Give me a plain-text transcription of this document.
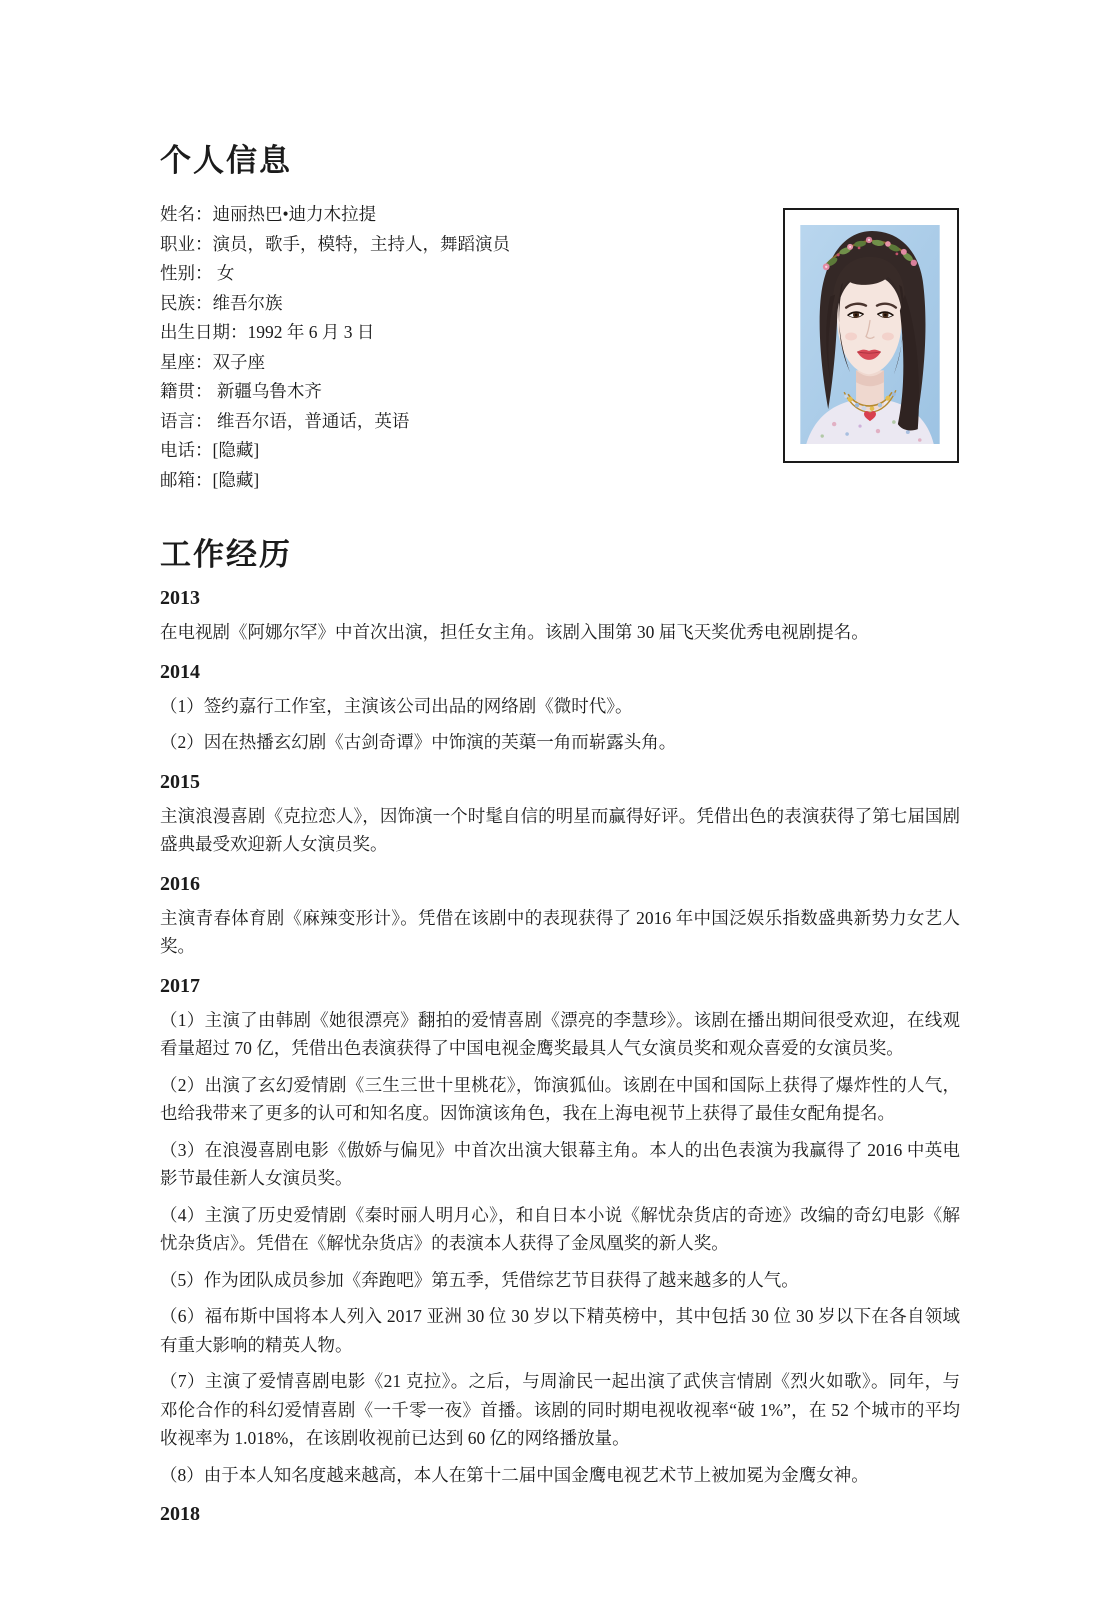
个人信息
姓名：迪丽热巴•迪力木拉提
职业：演员，歌手，模特，主持人，舞蹈演员
性别： 女
民族：维吾尔族
出生日期：1992 年 6 月 3 日
星座：双子座
籍贯： 新疆乌鲁木齐
语言： 维吾尔语，普通话，英语
电话：[隐藏]
邮箱：[隐藏]
工作经历
2013

在电视剧《阿娜尔罕》中首次出演，担任女主角。该剧入围第 30 届飞天奖优秀电视剧提名。

2014

（1）签约嘉行工作室，主演该公司出品的网络剧《微时代》。

（2）因在热播玄幻剧《古剑奇谭》中饰演的芙蕖一角而崭露头角。

2015

主演浪漫喜剧《克拉恋人》，因饰演一个时髦自信的明星而赢得好评。凭借出色的表演获得了第七届国剧盛典最受欢迎新人女演员奖。

2016

主演青春体育剧《麻辣变形计》。凭借在该剧中的表现获得了 2016 年中国泛娱乐指数盛典新势力女艺人奖。

2017

（1）主演了由韩剧《她很漂亮》翻拍的爱情喜剧《漂亮的李慧珍》。该剧在播出期间很受欢迎，在线观看量超过 70 亿，凭借出色表演获得了中国电视金鹰奖最具人气女演员奖和观众喜爱的女演员奖。

（2）出演了玄幻爱情剧《三生三世十里桃花》，饰演狐仙。该剧在中国和国际上获得了爆炸性的人气，也给我带来了更多的认可和知名度。因饰演该角色，我在上海电视节上获得了最佳女配角提名。

（3）在浪漫喜剧电影《傲娇与偏见》中首次出演大银幕主角。本人的出色表演为我赢得了 2016 中英电影节最佳新人女演员奖。

（4）主演了历史爱情剧《秦时丽人明月心》，和自日本小说《解忧杂货店的奇迹》改编的奇幻电影《解忧杂货店》。凭借在《解忧杂货店》的表演本人获得了金凤凰奖的新人奖。

（5）作为团队成员参加《奔跑吧》第五季，凭借综艺节目获得了越来越多的人气。

（6）福布斯中国将本人列入 2017 亚洲 30 位 30 岁以下精英榜中，其中包括 30 位 30 岁以下在各自领域有重大影响的精英人物。

（7）主演了爱情喜剧电影《21 克拉》。之后，与周渝民一起出演了武侠言情剧《烈火如歌》。同年，与邓伦合作的科幻爱情喜剧《一千零一夜》首播。该剧的同时期电视收视率“破 1%”，在 52 个城市的平均收视率为 1.018%，在该剧收视前已达到 60 亿的网络播放量。

（8）由于本人知名度越来越高，本人在第十二届中国金鹰电视艺术节上被加冕为金鹰女神。

2018
